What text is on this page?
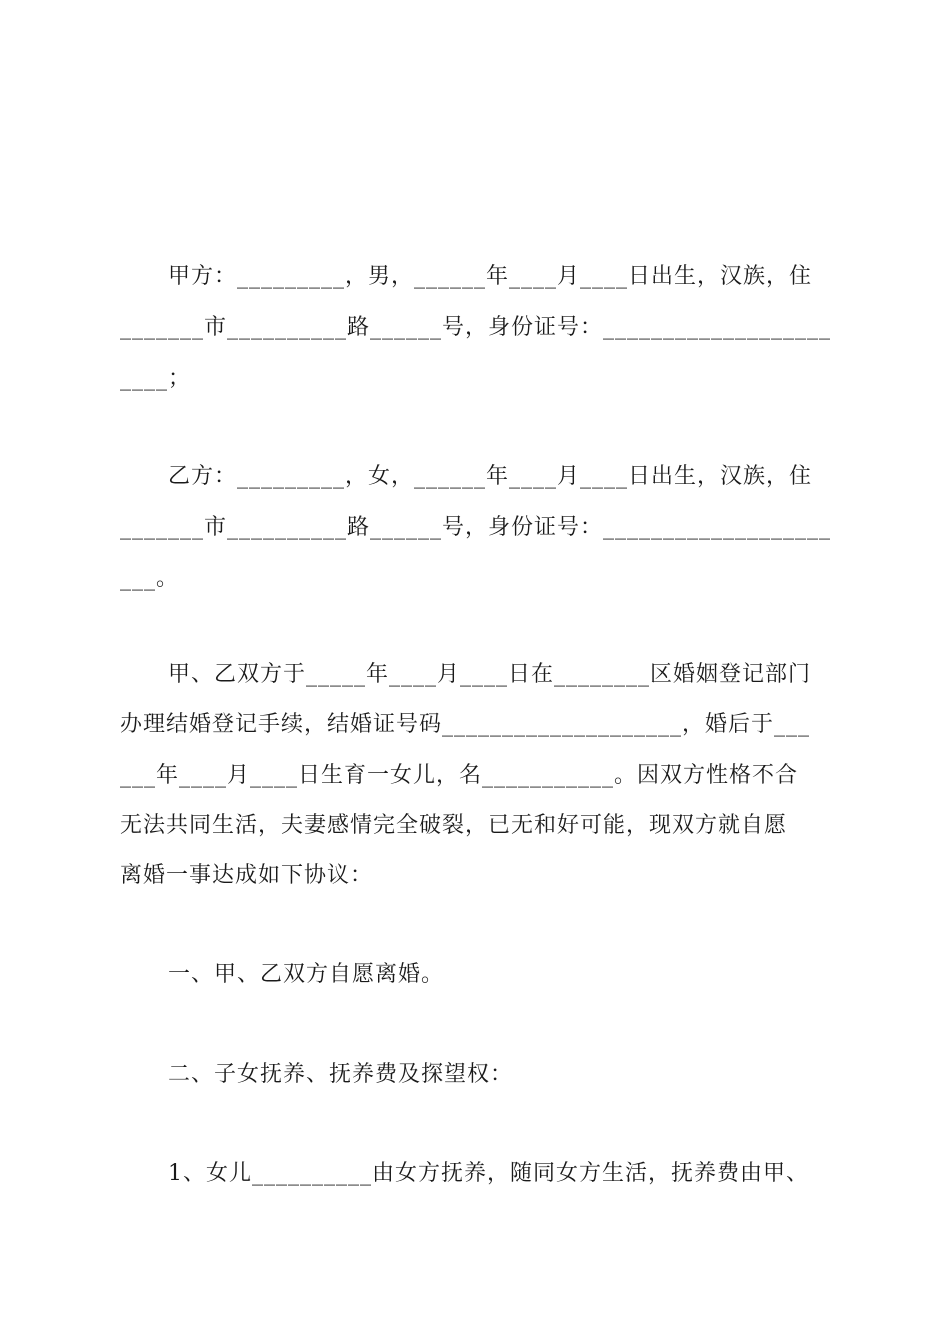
甲方：_________，男，______年____月____日出生，汉族，住
_______市__________路______号，身份证号：___________________
____；
乙方：_________，女，______年____月____日出生，汉族，住
_______市__________路______号，身份证号：___________________
___。
甲、乙双方于_____年____月____日在________区婚姻登记部门
办理结婚登记手续，结婚证号码____________________，婚后于___
___年____月____日生育一女儿，名___________。因双方性格不合
无法共同生活，夫妻感情完全破裂，已无和好可能，现双方就自愿
离婚一事达成如下协议：
一、甲、乙双方自愿离婚。
二、子女抚养、抚养费及探望权：
1、女儿__________由女方抚养，随同女方生活，抚养费由甲、
